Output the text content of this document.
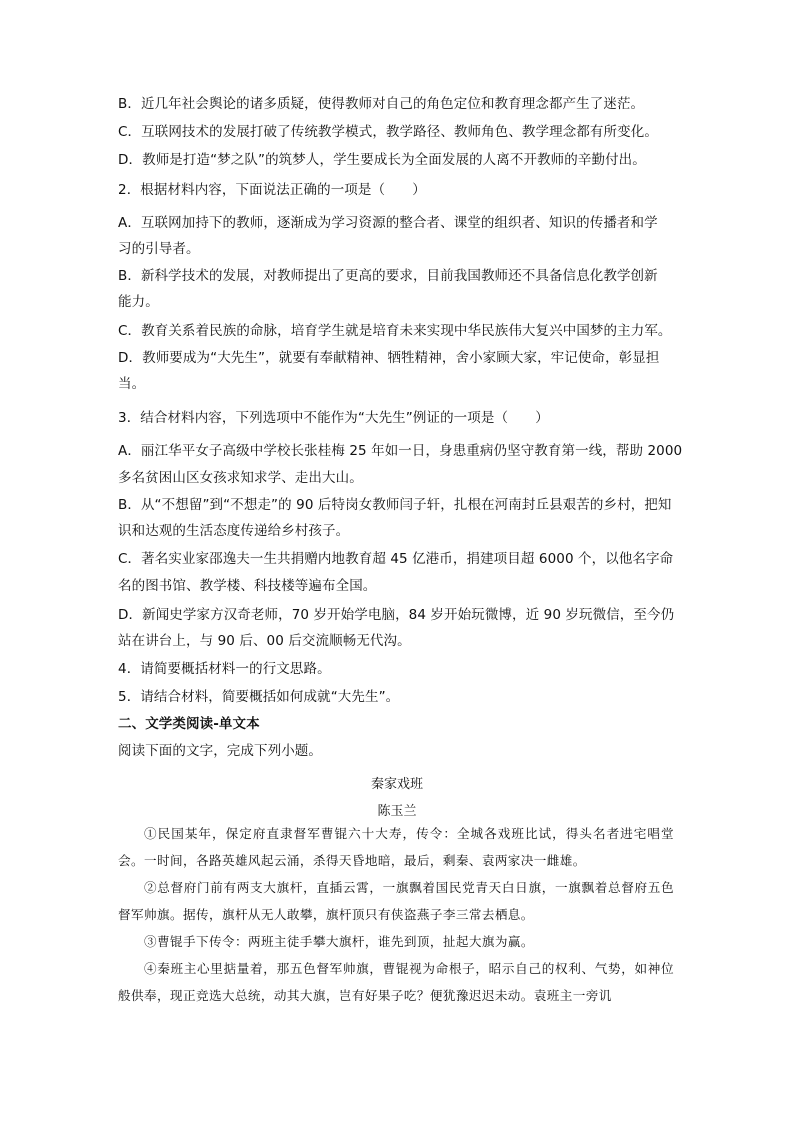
B．近几年社会舆论的诸多质疑，使得教师对自己的角色定位和教育理念都产生了迷茫。
C．互联网技术的发展打破了传统教学模式，教学路径、教师角色、教学理念都有所变化。
D．教师是打造“梦之队”的筑梦人，学生要成长为全面发展的人离不开教师的辛勤付出。
2．根据材料内容，下面说法正确的一项是（　　）
A．互联网加持下的教师，逐渐成为学习资源的整合者、课堂的组织者、知识的传播者和学
习的引导者。
B．新科学技术的发展，对教师提出了更高的要求，目前我国教师还不具备信息化教学创新
能力。
C．教育关系着民族的命脉，培育学生就是培育未来实现中华民族伟大复兴中国梦的主力军。
D．教师要成为“大先生”，就要有奉献精神、牺牲精神，舍小家顾大家，牢记使命，彰显担
当。
3．结合材料内容，下列选项中不能作为“大先生”例证的一项是（　　）
A．丽江华平女子高级中学校长张桂梅 25 年如一日，身患重病仍坚守教育第一线，帮助 2000
多名贫困山区女孩求知求学、走出大山。
B．从“不想留”到“不想走”的 90 后特岗女教师闫子轩，扎根在河南封丘县艰苦的乡村，把知
识和达观的生活态度传递给乡村孩子。
C．著名实业家邵逸夫一生共捐赠内地教育超 45 亿港币，捐建项目超 6000 个，以他名字命
名的图书馆、教学楼、科技楼等遍布全国。
D．新闻史学家方汉奇老师，70 岁开始学电脑，84 岁开始玩微博，近 90 岁玩微信，至今仍
站在讲台上，与 90 后、00 后交流顺畅无代沟。
4．请简要概括材料一的行文思路。
5．请结合材料，简要概括如何成就“大先生”。
二、文学类阅读-单文本
阅读下面的文字，完成下列小题。
秦家戏班
陈玉兰
①民国某年，保定府直隶督军曹锟六十大寿，传令：全城各戏班比试，得头名者进宅唱堂会。一时间，各路英雄风起云涌，杀得天昏地暗，最后，剩秦、袁两家决一雌雄。
②总督府门前有两支大旗杆，直插云霄，一旗飘着国民党青天白日旗，一旗飘着总督府五色督军帅旗。据传，旗杆从无人敢攀，旗杆顶只有侠盗燕子李三常去栖息。
③曹锟手下传令：两班主徒手攀大旗杆，谁先到顶，扯起大旗为赢。
④秦班主心里掂量着，那五色督军帅旗，曹锟视为命根子，昭示自己的权利、气势，如神位般供奉，现正竞选大总统，动其大旗，岂有好果子吃？便犹豫迟迟未动。袁班主一旁讥
